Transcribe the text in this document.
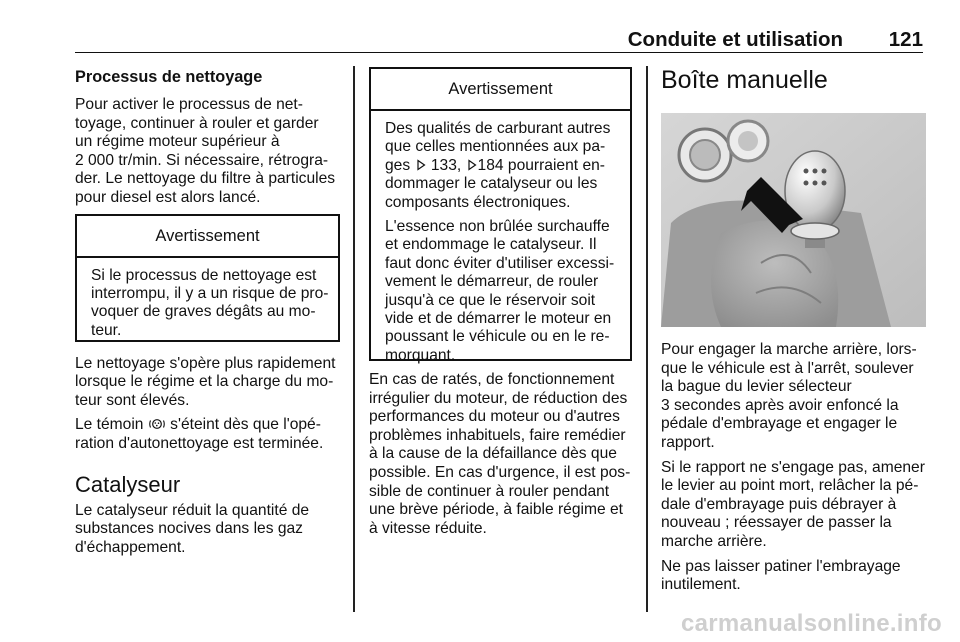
Conduite et utilisation 121
Processus de nettoyage

Pour activer le processus de net-
toyage, continuer à rouler et garder
un régime moteur supérieur à
2 000 tr/min. Si nécessaire, rétrogra-
der. Le nettoyage du filtre à particules
pour diesel est alors lancé.

Avertissement

Si le processus de nettoyage est
interrompu, il y a un risque de pro-
voquer de graves dégâts au mo-
teur.

Le nettoyage s'opère plus rapidement
lorsque le régime et la charge du mo-
teur sont élevés.

Le témoin s'éteint dès que l'opé-
ration d'autonettoyage est terminée.

Catalyseur

Le catalyseur réduit la quantité de
substances nocives dans les gaz
d'échappement.

Avertissement

Des qualités de carburant autres
que celles mentionnées aux pa-
ges 133, 184 pourraient en-
dommager le catalyseur ou les
composants électroniques.

L'essence non brûlée surchauffe
et endommage le catalyseur. Il
faut donc éviter d'utiliser excessi-
vement le démarreur, de rouler
jusqu'à ce que le réservoir soit
vide et de démarrer le moteur en
poussant le véhicule ou en le re-
morquant.

En cas de ratés, de fonctionnement
irrégulier du moteur, de réduction des
performances du moteur ou d'autres
problèmes inhabituels, faire remédier
à la cause de la défaillance dès que
possible. En cas d'urgence, il est pos-
sible de continuer à rouler pendant
une brève période, à faible régime et
à vitesse réduite.

Boîte manuelle

Pour engager la marche arrière, lors-
que le véhicule est à l'arrêt, soulever
la bague du levier sélecteur
3 secondes après avoir enfoncé la
pédale d'embrayage et engager le
rapport.

Si le rapport ne s'engage pas, amener
le levier au point mort, relâcher la pé-
dale d'embrayage puis débrayer à
nouveau ; réessayer de passer la
marche arrière.

Ne pas laisser patiner l'embrayage
inutilement.

carmanualsonline.info
